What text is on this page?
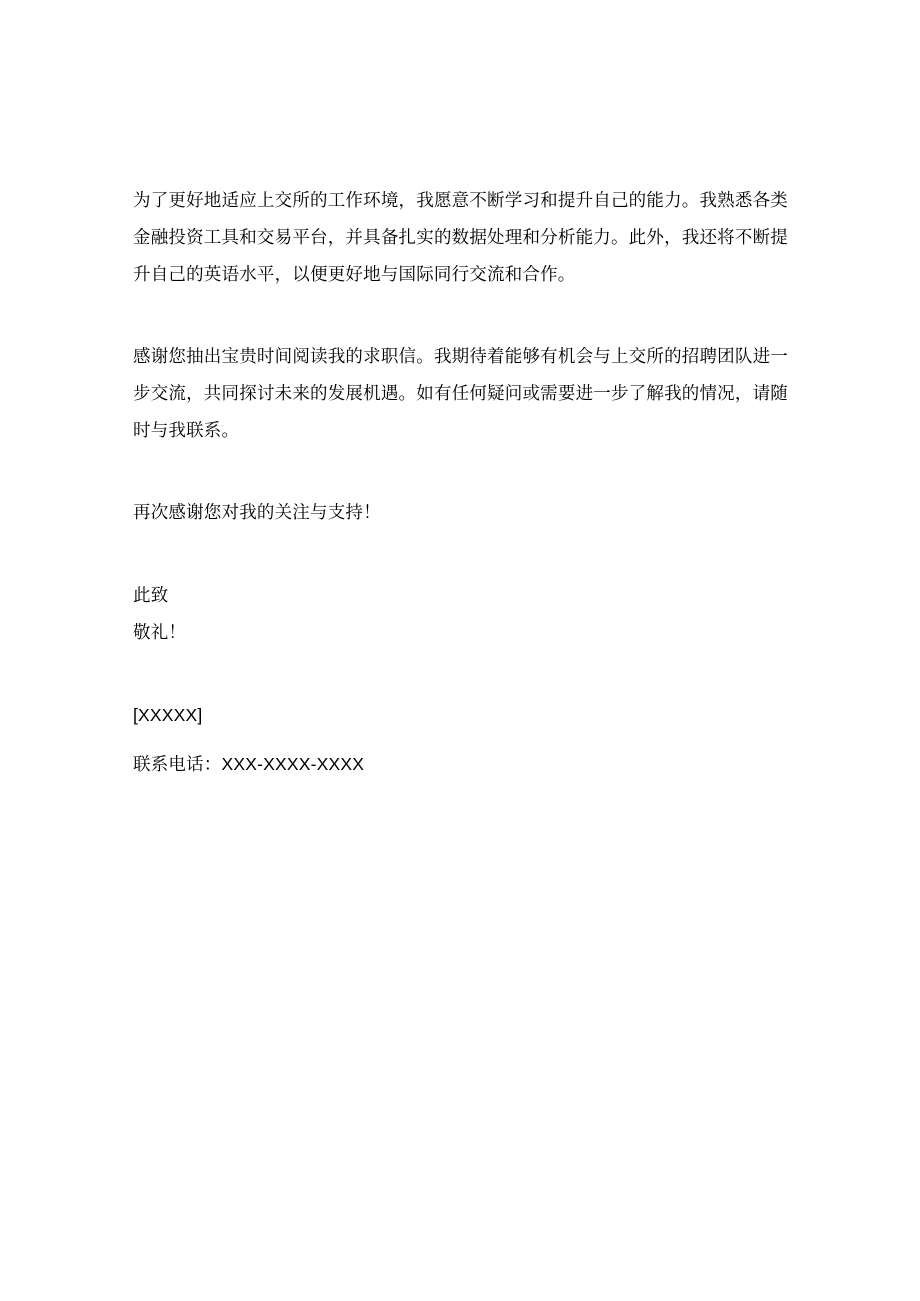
为了更好地适应上交所的工作环境，我愿意不断学习和提升自己的能力。我熟悉各类金融投资工具和交易平台，并具备扎实的数据处理和分析能力。此外，我还将不断提升自己的英语水平，以便更好地与国际同行交流和合作。

感谢您抽出宝贵时间阅读我的求职信。我期待着能够有机会与上交所的招聘团队进一步交流，共同探讨未来的发展机遇。如有任何疑问或需要进一步了解我的情况，请随时与我联系。

再次感谢您对我的关注与支持！

此致

敬礼！

[XXXXX]

联系电话：XXX-XXXX-XXXX
